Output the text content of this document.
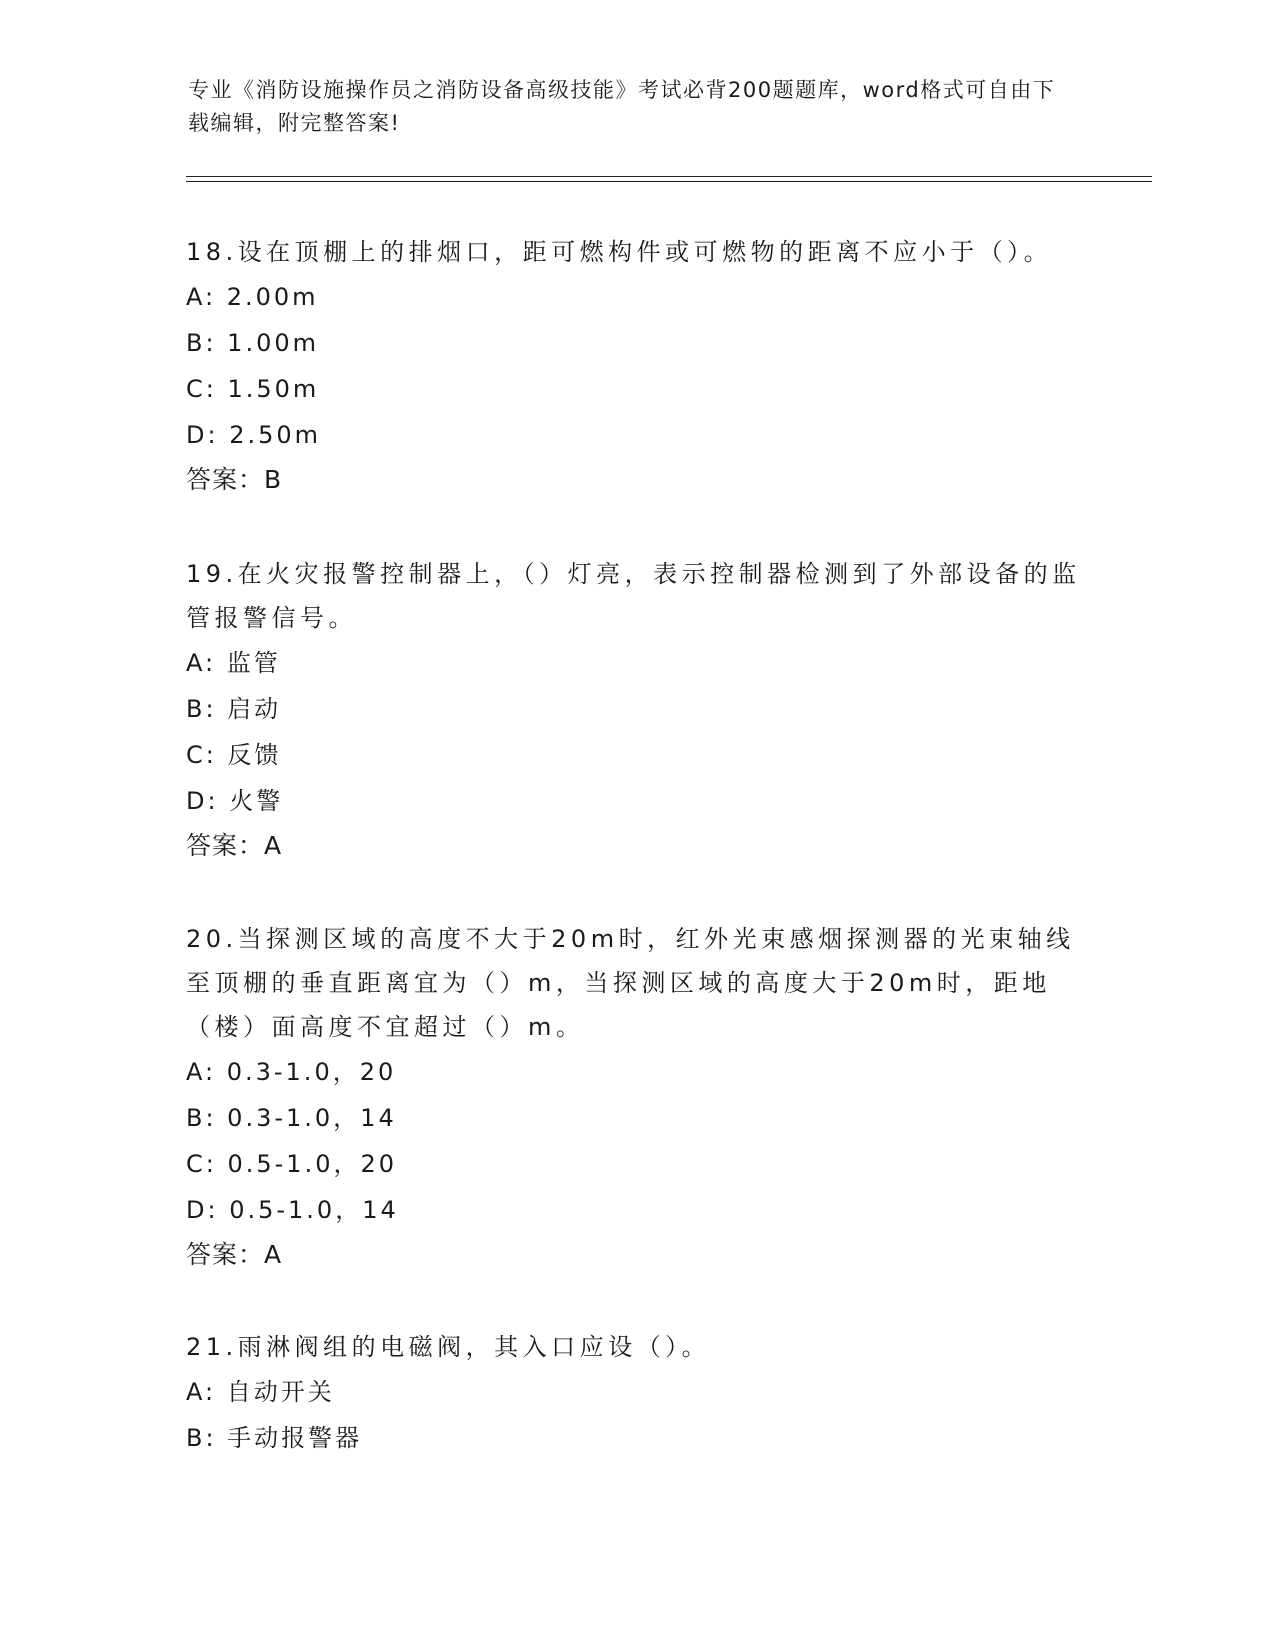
专业《消防设施操作员之消防设备高级技能》考试必背200题题库，word格式可自由下载编辑，附完整答案!

18.设在顶棚上的排烟口，距可燃构件或可燃物的距离不应小于（）。

A: 2.00m

B: 1.00m

C: 1.50m

D: 2.50m

答案：B

19.在火灾报警控制器上，（）灯亮，表示控制器检测到了外部设备的监管报警信号。

A: 监管

B: 启动

C: 反馈

D: 火警

答案：A

20.当探测区域的高度不大于20m时，红外光束感烟探测器的光束轴线至顶棚的垂直距离宜为（）m，当探测区域的高度大于20m时，距地（楼）面高度不宜超过（）m。

A: 0.3-1.0，20

B: 0.3-1.0，14

C: 0.5-1.0，20

D: 0.5-1.0，14

答案：A

21.雨淋阀组的电磁阀，其入口应设（）。

A: 自动开关

B: 手动报警器
